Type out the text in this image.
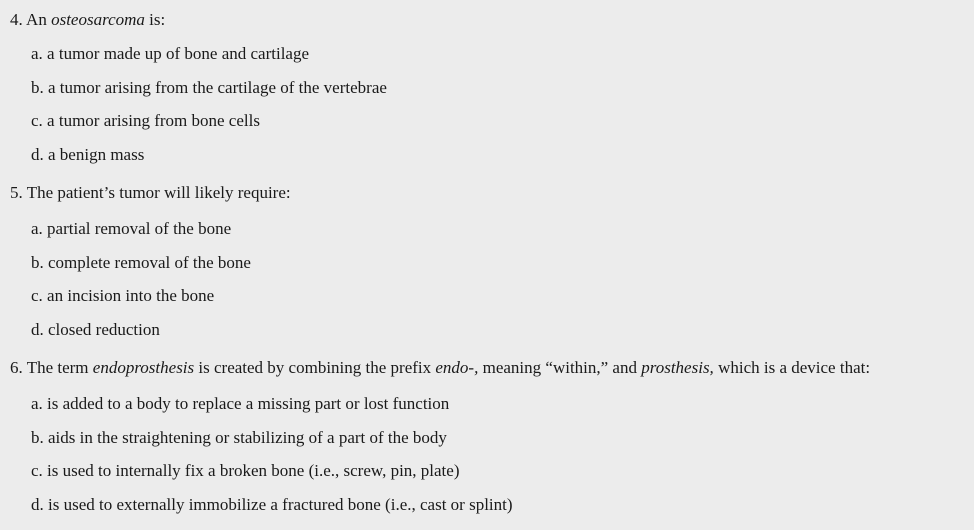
4. An osteosarcoma is:
a. a tumor made up of bone and cartilage
b. a tumor arising from the cartilage of the vertebrae
c. a tumor arising from bone cells
d. a benign mass
5. The patient’s tumor will likely require:
a. partial removal of the bone
b. complete removal of the bone
c. an incision into the bone
d. closed reduction
6. The term endoprosthesis is created by combining the prefix endo-, meaning “within,” and prosthesis, which is a device that:
a. is added to a body to replace a missing part or lost function
b. aids in the straightening or stabilizing of a part of the body
c. is used to internally fix a broken bone (i.e., screw, pin, plate)
d. is used to externally immobilize a fractured bone (i.e., cast or splint)
